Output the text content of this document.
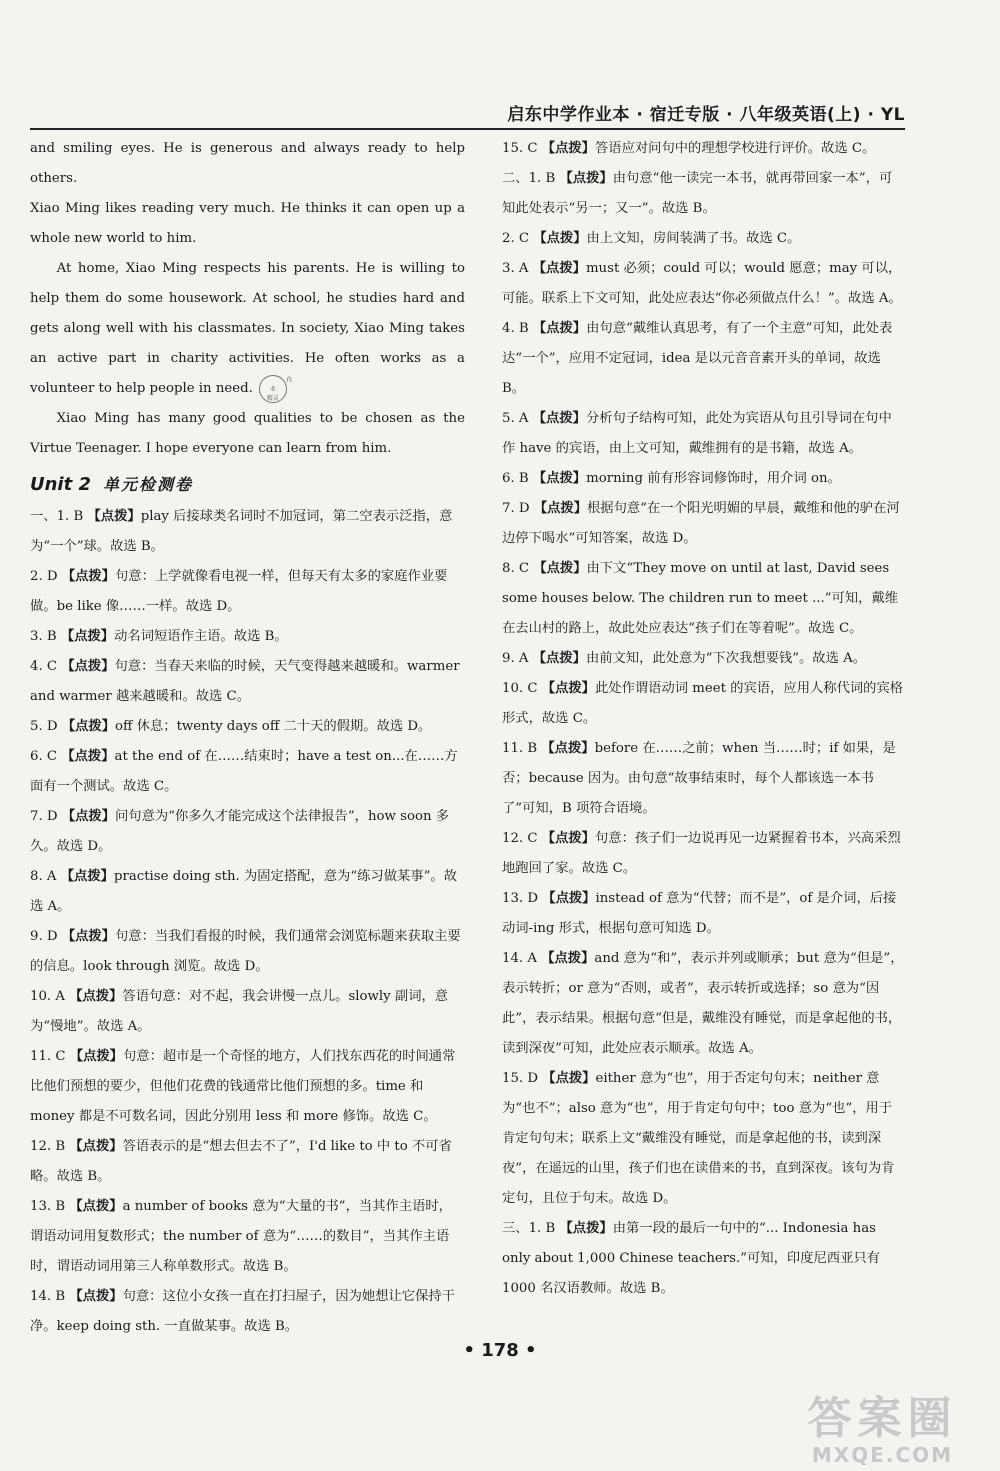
启东中学作业本 · 宿迁专版 · 八年级英语(上) · YL

and smiling eyes. He is generous and always ready to help others.

Xiao Ming likes reading very much. He thinks it can open up a whole new world to him.

At home, Xiao Ming respects his parents. He is willing to help them do some housework. At school, he studies hard and gets along well with his classmates. In society, Xiao Ming takes an active part in charity activities. He often works as a volunteer to help people in need.作业
精灵

Xiao Ming has many good qualities to be chosen as the Virtue Teenager. I hope everyone can learn from him.

Unit 2 单元检测卷

一、1. B 【点拨】play 后接球类名词时不加冠词，第二空表示泛指，意为“一个”球。故选 B。

2. D 【点拨】句意：上学就像看电视一样，但每天有太多的家庭作业要做。be like 像……一样。故选 D。

3. B 【点拨】动名词短语作主语。故选 B。

4. C 【点拨】句意：当春天来临的时候，天气变得越来越暖和。warmer and warmer 越来越暖和。故选 C。

5. D 【点拨】off 休息；twenty days off 二十天的假期。故选 D。

6. C 【点拨】at the end of 在……结束时；have a test on...在……方面有一个测试。故选 C。

7. D 【点拨】问句意为“你多久才能完成这个法律报告”，how soon 多久。故选 D。

8. A 【点拨】practise doing sth. 为固定搭配，意为“练习做某事”。故选 A。

9. D 【点拨】句意：当我们看报的时候，我们通常会浏览标题来获取主要的信息。look through 浏览。故选 D。

10. A 【点拨】答语句意：对不起，我会讲慢一点儿。slowly 副词，意为“慢地”。故选 A。

11. C 【点拨】句意：超市是一个奇怪的地方，人们找东西花的时间通常比他们预想的要少，但他们花费的钱通常比他们预想的多。time 和 money 都是不可数名词，因此分别用 less 和 more 修饰。故选 C。

12. B 【点拨】答语表示的是“想去但去不了”，I'd like to 中 to 不可省略。故选 B。

13. B 【点拨】a number of books 意为“大量的书”，当其作主语时，谓语动词用复数形式；the number of 意为“……的数目”，当其作主语时，谓语动词用第三人称单数形式。故选 B。

14. B 【点拨】句意：这位小女孩一直在打扫屋子，因为她想让它保持干净。keep doing sth. 一直做某事。故选 B。

15. C 【点拨】答语应对问句中的理想学校进行评价。故选 C。

二、1. B 【点拨】由句意“他一读完一本书，就再带回家一本”，可知此处表示“另一；又一”。故选 B。

2. C 【点拨】由上文知，房间装满了书。故选 C。

3. A 【点拨】must 必须；could 可以；would 愿意；may 可以，可能。联系上下文可知，此处应表达“你必须做点什么！”。故选 A。

4. B 【点拨】由句意“戴维认真思考，有了一个主意”可知，此处表达“一个”，应用不定冠词，idea 是以元音音素开头的单词，故选 B。

5. A 【点拨】分析句子结构可知，此处为宾语从句且引导词在句中作 have 的宾语，由上文可知，戴维拥有的是书籍，故选 A。

6. B 【点拨】morning 前有形容词修饰时，用介词 on。

7. D 【点拨】根据句意“在一个阳光明媚的早晨，戴维和他的驴在河边停下喝水”可知答案，故选 D。

8. C 【点拨】由下文“They move on until at last, David sees some houses below. The children run to meet ...”可知，戴维在去山村的路上，故此处应表达“孩子们在等着呢”。故选 C。

9. A 【点拨】由前文知，此处意为“下次我想要钱”。故选 A。

10. C 【点拨】此处作谓语动词 meet 的宾语，应用人称代词的宾格形式，故选 C。

11. B 【点拨】before 在……之前；when 当……时；if 如果，是否；because 因为。由句意“故事结束时，每个人都该选一本书了”可知，B 项符合语境。

12. C 【点拨】句意：孩子们一边说再见一边紧握着书本，兴高采烈地跑回了家。故选 C。

13. D 【点拨】instead of 意为“代替；而不是”，of 是介词，后接动词-ing 形式，根据句意可知选 D。

14. A 【点拨】and 意为“和”，表示并列或顺承；but 意为“但是”，表示转折；or 意为“否则，或者”，表示转折或选择；so 意为“因此”，表示结果。根据句意“但是，戴维没有睡觉，而是拿起他的书，读到深夜”可知，此处应表示顺承。故选 A。

15. D 【点拨】either 意为“也”，用于否定句句末；neither 意为“也不”；also 意为“也”，用于肯定句句中；too 意为“也”，用于肯定句句末；联系上文“戴维没有睡觉，而是拿起他的书，读到深夜”，在遥远的山里，孩子们也在读借来的书，直到深夜。该句为肯定句，且位于句末。故选 D。

三、1. B 【点拨】由第一段的最后一句中的“... Indonesia has only about 1,000 Chinese teachers.”可知，印度尼西亚只有 1000 名汉语教师。故选 B。

• 178 •
答案圈
MXQE.COM
